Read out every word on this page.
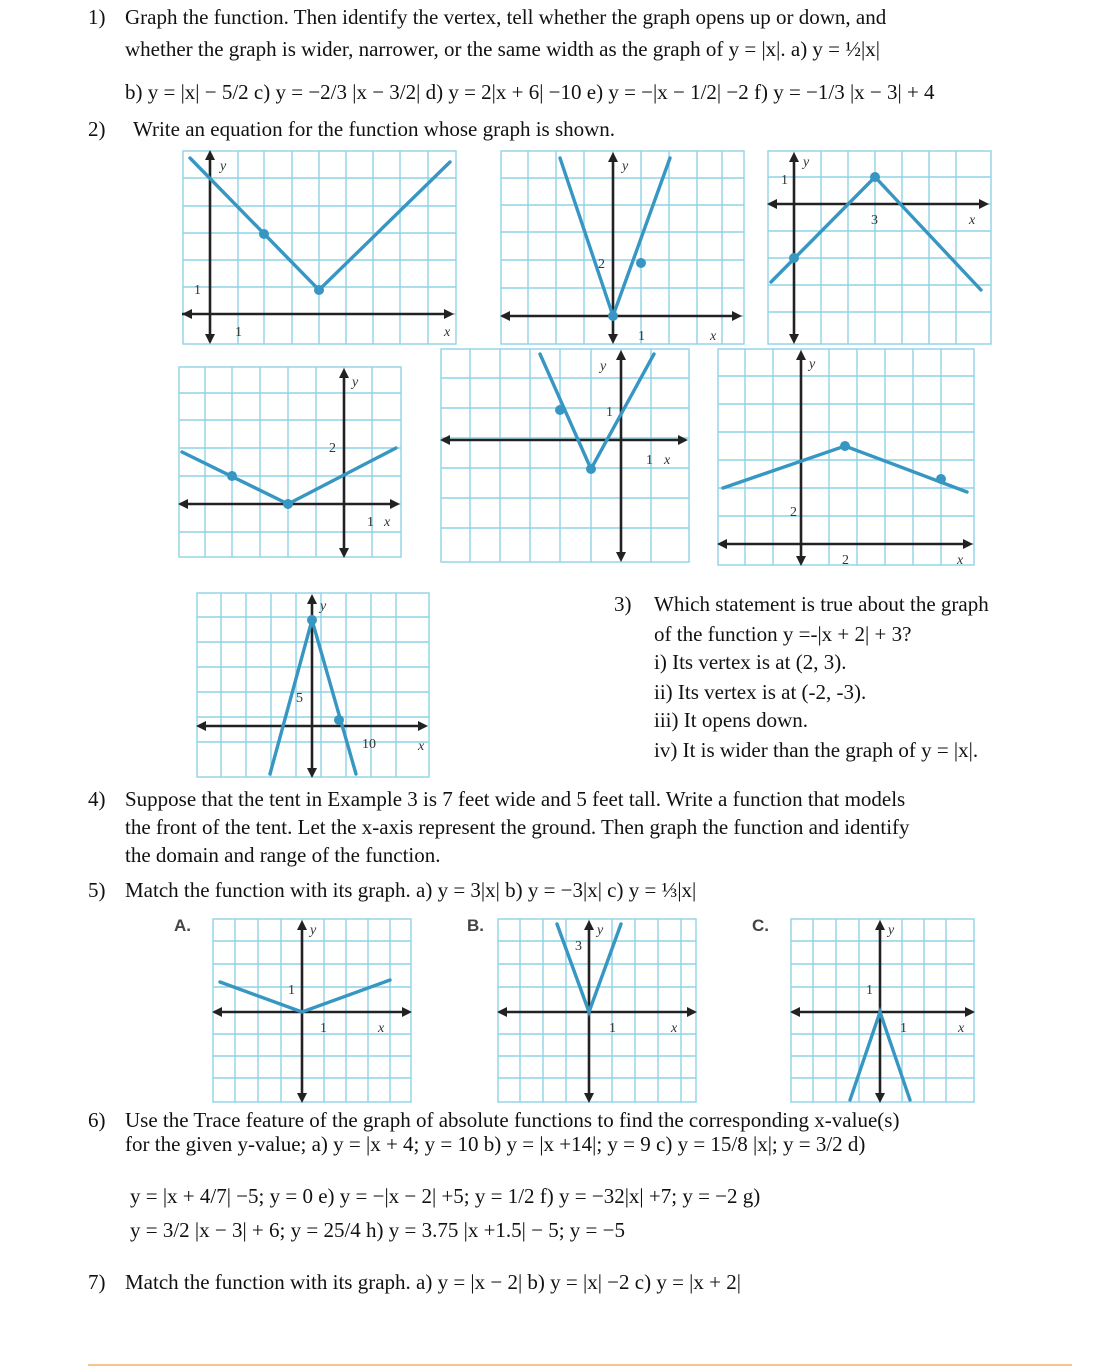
1) Graph the function. Then identify the vertex, tell whether the graph opens up or down, and
whether the graph is wider, narrower, or the same width as the graph of y = |x|. a) y = ½|x|
b) y = |x| − 5/2 c) y = −2/3 |x − 3/2| d) y = 2|x + 6| −10 e) y = −|x − 1/2| −2 f) y = −1/3 |x − 3| + 4
2) Write an equation for the function whose graph is shown.
y
x
1
1
y
x
1
2
y
x
3
1
y
x
1
2
y
x
1
1
y
x
2
2
y
x
10
5
3) Which statement is true about the graph
of the function y =-|x + 2| + 3?
i) Its vertex is at (2, 3).
ii) Its vertex is at (-2, -3).
iii) It opens down.
iv) It is wider than the graph of y = |x|.
4) Suppose that the tent in Example 3 is 7 feet wide and 5 feet tall. Write a function that models
the front of the tent. Let the x-axis represent the ground. Then graph the function and identify
the domain and range of the function.
5) Match the function with its graph. a) y = 3|x| b) y = −3|x| c) y = ⅓|x|
A.	B.	C.
y
x
1
1
y
x
1
3
y
x
1
1
6) Use the Trace feature of the graph of absolute functions to find the corresponding x-value(s)
for the given y-value; a) y = |x + 4; y = 10 b) y = |x +14|; y = 9 c) y = 15/8 |x|; y = 3/2 d)
y = |x + 4/7| −5; y = 0 e) y = −|x − 2| +5; y = 1/2 f) y = −32|x| +7; y = −2 g)
y = 3/2 |x − 3| + 6; y = 25/4 h) y = 3.75 |x +1.5| − 5; y = −5
7) Match the function with its graph. a) y = |x − 2| b) y = |x| −2 c) y = |x + 2|
